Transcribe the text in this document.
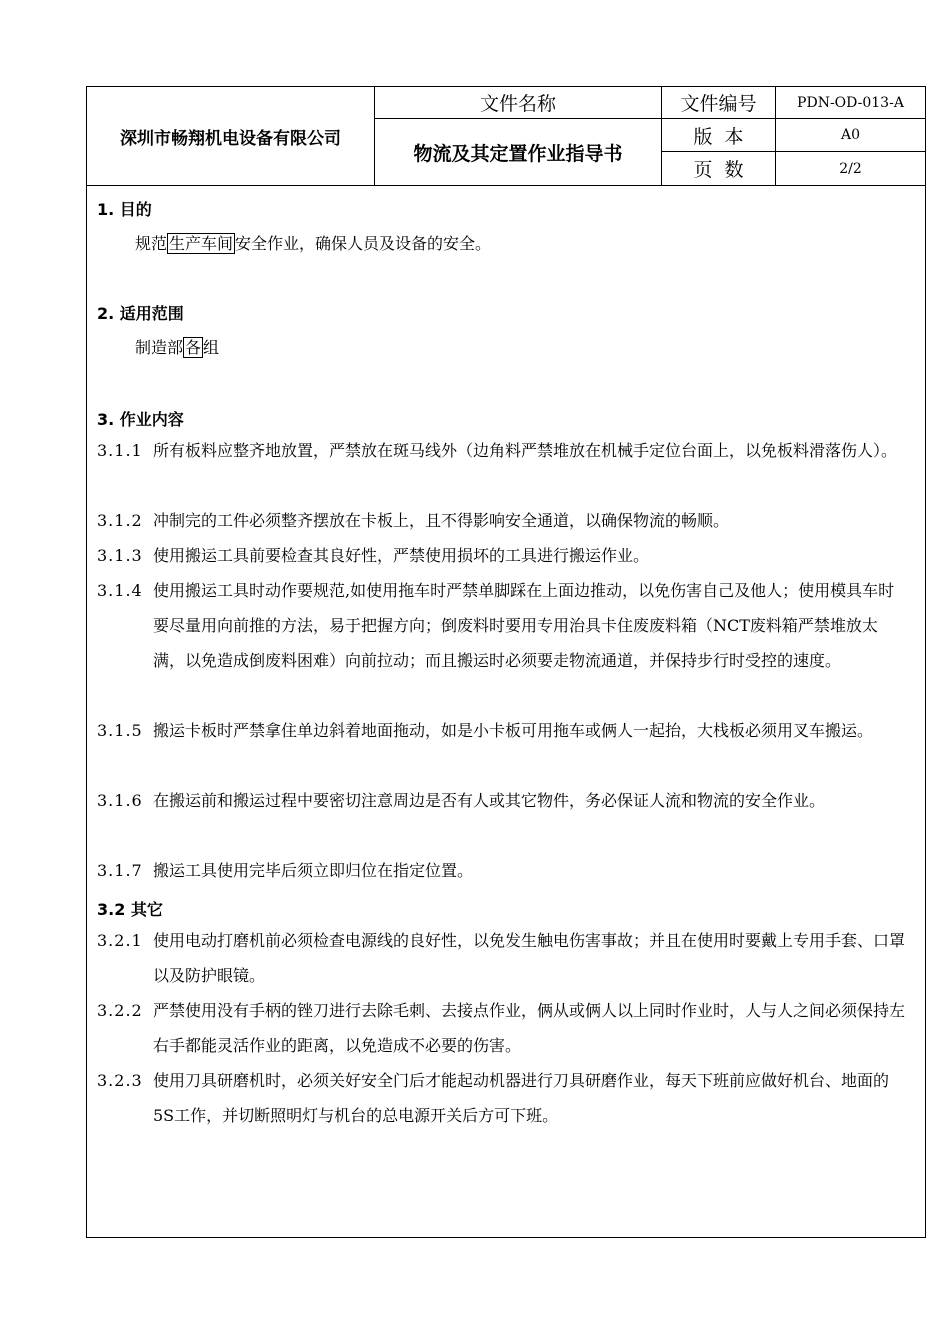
深圳市畅翔机电设备有限公司
文件名称
物流及其定置作业指导书
文件编号	PDN-OD-013-A
版本	A0
页数	2/2
1. 目的
规范 生产车间 安全作业，确保人员及设备的安全。
2. 适用范围
制造部 各 组
3. 作业内容
3.1.1 所有板料应整齐地放置，严禁放在斑马线外（边角料严禁堆放在机械手定位台面上，以免板料滑落伤人）。
3.1.2 冲制完的工件必须整齐摆放在卡板上，且不得影响安全通道，以确保物流的畅顺。
3.1.3 使用搬运工具前要检查其良好性，严禁使用损坏的工具进行搬运作业。
3.1.4 使用搬运工具时动作要规范,如使用拖车时严禁单脚踩在上面边推动，以免伤害自己及他人；使用模具车时要尽量用向前推的方法，易于把握方向；倒废料时要用专用治具卡住废废料箱（NCT废料箱严禁堆放太满，以免造成倒废料困难）向前拉动；而且搬运时必须要走物流通道，并保持步行时受控的速度。
3.1.5 搬运卡板时严禁拿住单边斜着地面拖动，如是小卡板可用拖车或俩人一起抬，大栈板必须用叉车搬运。
3.1.6 在搬运前和搬运过程中要密切注意周边是否有人或其它物件，务必保证人流和物流的安全作业。
3.1.7 搬运工具使用完毕后须立即归位在指定位置。
3.2 其它
3.2.1 使用电动打磨机前必须检查电源线的良好性，以免发生触电伤害事故；并且在使用时要戴上专用手套、口罩以及防护眼镜。
3.2.2 严禁使用没有手柄的锉刀进行去除毛刺、去接点作业，俩从或俩人以上同时作业时，人与人之间必须保持左右手都能灵活作业的距离，以免造成不必要的伤害。
3.2.3 使用刀具研磨机时，必须关好安全门后才能起动机器进行刀具研磨作业，每天下班前应做好机台、地面的5S工作，并切断照明灯与机台的总电源开关后方可下班。
